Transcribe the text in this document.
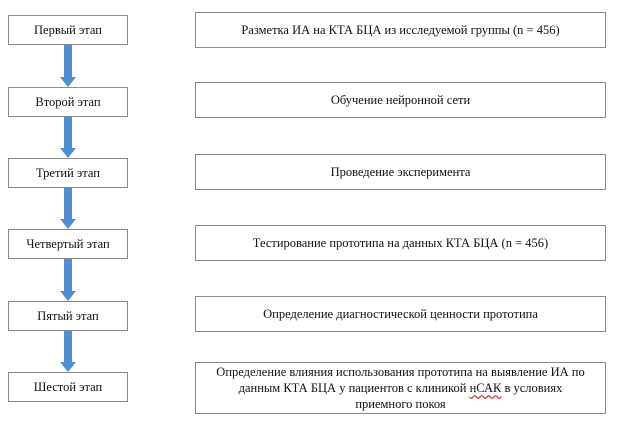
Первый этап
Второй этап
Третий этап
Четвертый этап
Пятый этап
Шестой этап
Разметка ИА на КТА БЦА из исследуемой группы (n = 456)
Обучение нейронной сети
Проведение эксперимента
Тестирование прототипа на данных КТА БЦА (n = 456)
Определение диагностической ценности прототипа
Определение влияния использования прототипа на выявление ИА по
данным КТА БЦА у пациентов с клиникой нСАК в условиях
приемного покоя
